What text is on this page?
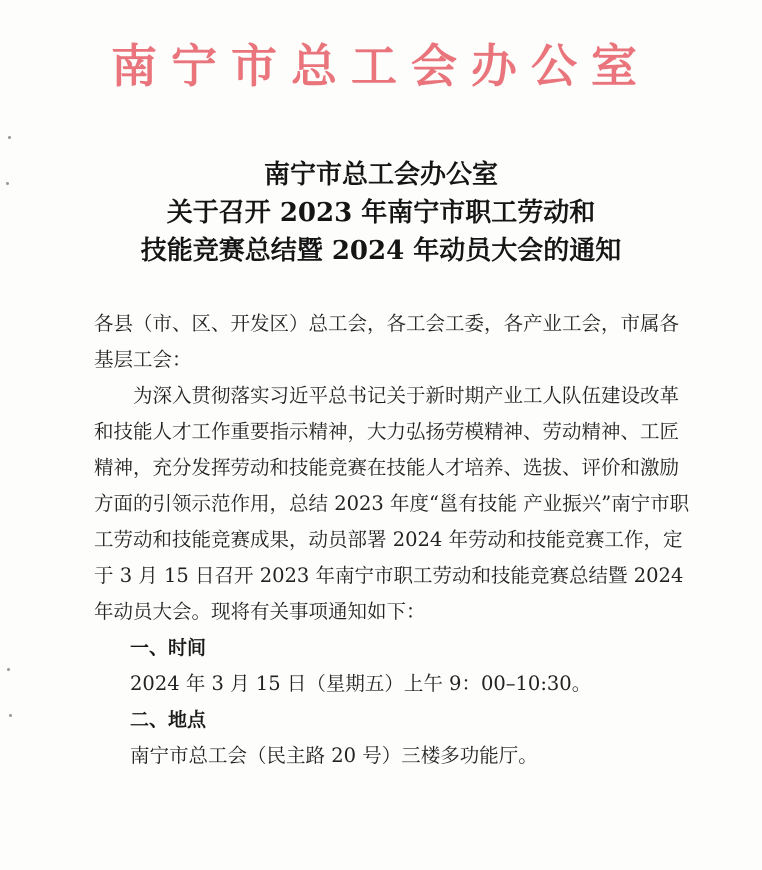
南宁市总工会办公室
南宁市总工会办公室
关于召开 2023 年南宁市职工劳动和
技能竞赛总结暨 2024 年动员大会的通知

各县（市、区、开发区）总工会，各工会工委，各产业工会，市属各基层工会：

为深入贯彻落实习近平总书记关于新时期产业工人队伍建设改革和技能人才工作重要指示精神，大力弘扬劳模精神、劳动精神、工匠精神，充分发挥劳动和技能竞赛在技能人才培养、选拔、评价和激励方面的引领示范作用，总结 2023 年度“邕有技能 产业振兴”南宁市职工劳动和技能竞赛成果，动员部署 2024 年劳动和技能竞赛工作，定于 3 月 15 日召开 2023 年南宁市职工劳动和技能竞赛总结暨 2024 年动员大会。现将有关事项通知如下：

一、时间

2024 年 3 月 15 日（星期五）上午 9：00–10:30。

二、地点

南宁市总工会（民主路 20 号）三楼多功能厅。
